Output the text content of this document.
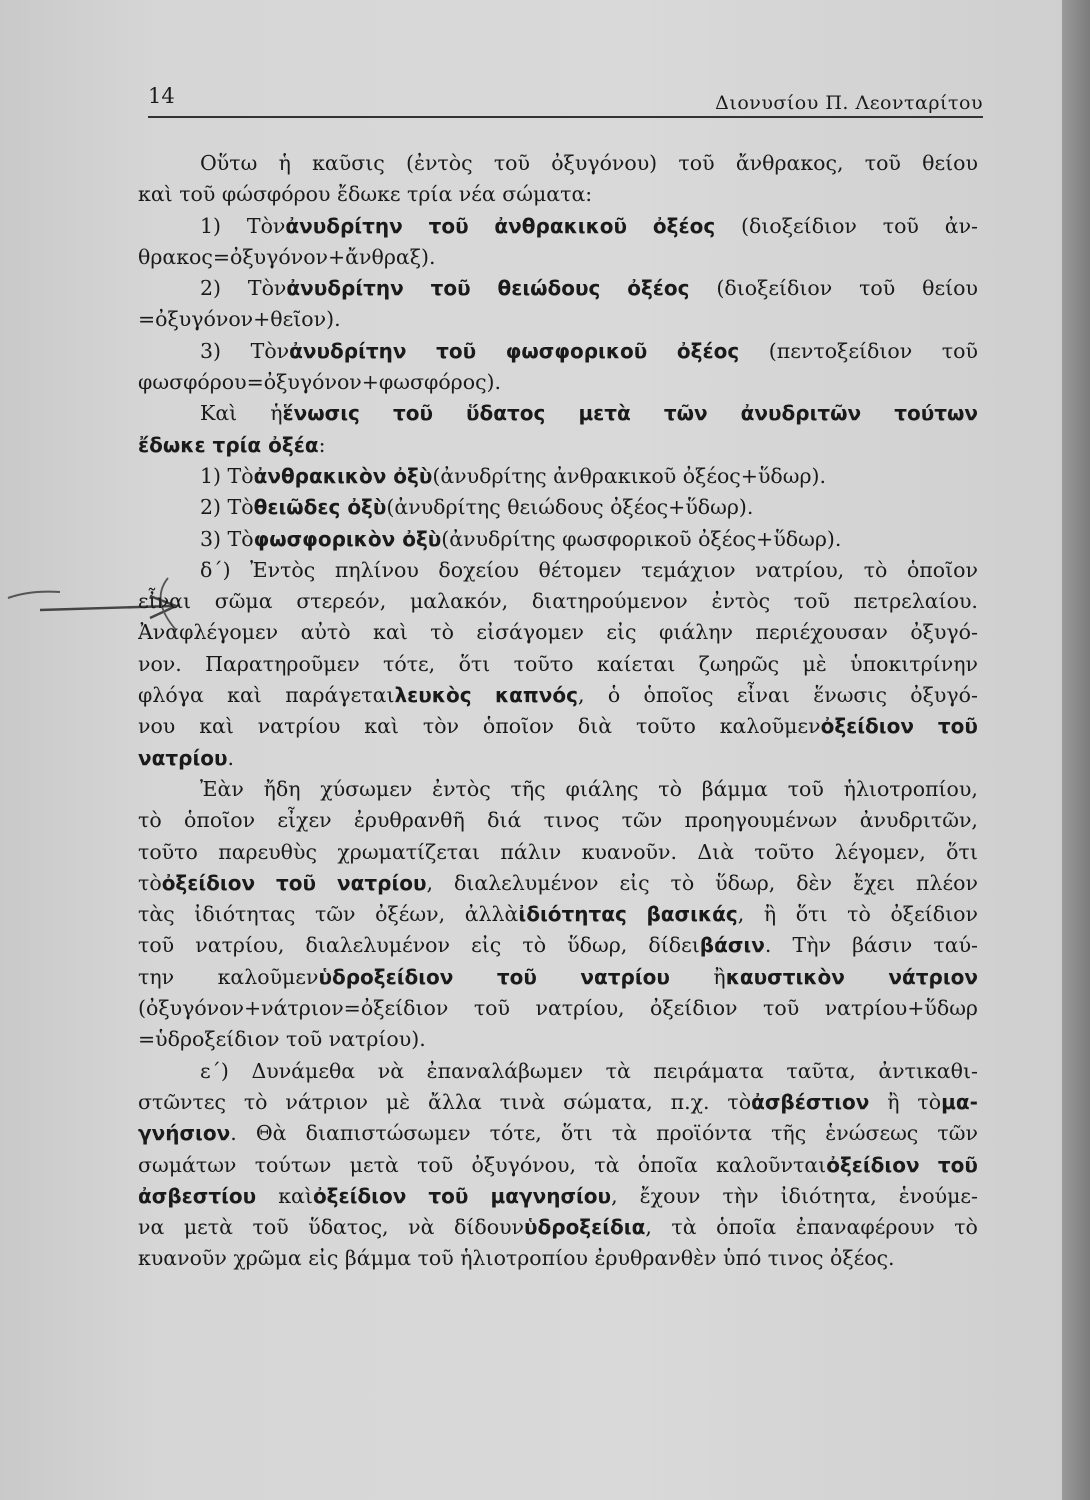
14	Διονυσίου Π. Λεονταρίτου
Οὕτω ἡ καῦσις (ἐντὸς τοῦ ὀξυγόνου) τοῦ ἄνθρακος, τοῦ θείου
καὶ τοῦ φώσφόρου ἔδωκε τρία νέα σώματα:
1) Τὸνἀνυδρίτην τοῦ ἀνθρακικοῦ ὀξέος (διοξείδιον τοῦ ἀν-
θρακος=ὀξυγόνον+ἄνθραξ).
2) Τὸνἀνυδρίτην τοῦ θειώδους ὀξέος (διοξείδιον τοῦ θείου
=ὀξυγόνον+θεῖον).
3) Τὸνἀνυδρίτην τοῦ φωσφορικοῦ ὀξέος (πεντοξείδιον τοῦ
φωσφόρου=ὀξυγόνον+φωσφόρος).
Καὶ ἡἕνωσις τοῦ ὕδατος μετὰ τῶν ἀνυδριτῶν τούτων
ἔδωκε τρία ὀξέα :
1) Τὸ ἀνθρακικὸν ὀξὺ (ἀνυδρίτης ἀνθρακικοῦ ὀξέος+ὕδωρ).
2) Τὸ θειῶδες ὀξὺ (ἀνυδρίτης θειώδους ὀξέος+ὕδωρ).
3) Τὸ φωσφορικὸν ὀξὺ (ἀνυδρίτης φωσφορικοῦ ὀξέος+ὕδωρ).
δ´) Ἐντὸς πηλίνου δοχείου θέτομεν τεμάχιον νατρίου, τὸ ὁποῖον
εἶναι σῶμα στερεόν, μαλακόν, διατηρούμενον ἐντὸς τοῦ πετρελαίου.
Ἀναφλέγομεν αὐτὸ καὶ τὸ εἰσάγομεν εἰς φιάλην περιέχουσαν ὀξυγό-
νον. Παρατηροῦμεν τότε, ὅτι τοῦτο καίεται ζωηρῶς μὲ ὑποκιτρίνην
φλόγα καὶ παράγεταιλευκὸς καπνός, ὁ ὁποῖος εἶναι ἕνωσις ὀξυγό-
νου καὶ νατρίου καὶ τὸν ὁποῖον διὰ τοῦτο καλοῦμενὀξείδιον τοῦ
νατρίου .
Ἐὰν ἤδη χύσωμεν ἐντὸς τῆς φιάλης τὸ βάμμα τοῦ ἡλιοτροπίου,
τὸ ὁποῖον εἶχεν ἐρυθρανθῆ διά τινος τῶν προηγουμένων ἀνυδριτῶν,
τοῦτο παρευθὺς χρωματίζεται πάλιν κυανοῦν. Διὰ τοῦτο λέγομεν, ὅτι
τὸὀξείδιον τοῦ νατρίου, διαλελυμένον εἰς τὸ ὕδωρ, δὲν ἔχει πλέον
τὰς ἰδιότητας τῶν ὀξέων, ἀλλὰἰδιότητας βασικάς, ἢ ὅτι τὸ ὀξείδιον
τοῦ νατρίου, διαλελυμένον εἰς τὸ ὕδωρ, δίδειβάσιν. Τὴν βάσιν ταύ-
την καλοῦμενὑδροξείδιον τοῦ νατρίου ἢκαυστικὸν νάτριον
(ὀξυγόνον+νάτριον=ὀξείδιον τοῦ νατρίου, ὀξείδιον τοῦ νατρίου+ὕδωρ
=ὑδροξείδιον τοῦ νατρίου).
ε´) Δυνάμεθα νὰ ἐπαναλάβωμεν τὰ πειράματα ταῦτα, ἀντικαθι-
στῶντες τὸ νάτριον μὲ ἄλλα τινὰ σώματα, π.χ. τὸἀσβέστιον ἢ τὸμα-
γνήσιον. Θὰ διαπιστώσωμεν τότε, ὅτι τὰ προϊόντα τῆς ἑνώσεως τῶν
σωμάτων τούτων μετὰ τοῦ ὀξυγόνου, τὰ ὁποῖα καλοῦνταιὀξείδιον τοῦ
ἀσβεστίου καὶὀξείδιον τοῦ μαγνησίου, ἔχουν τὴν ἰδιότητα, ἑνούμε-
να μετὰ τοῦ ὕδατος, νὰ δίδουνὑδροξείδια, τὰ ὁποῖα ἐπαναφέρουν τὸ
κυανοῦν χρῶμα εἰς βάμμα τοῦ ἡλιοτροπίου ἐρυθρανθὲν ὑπό τινος ὀξέος.
